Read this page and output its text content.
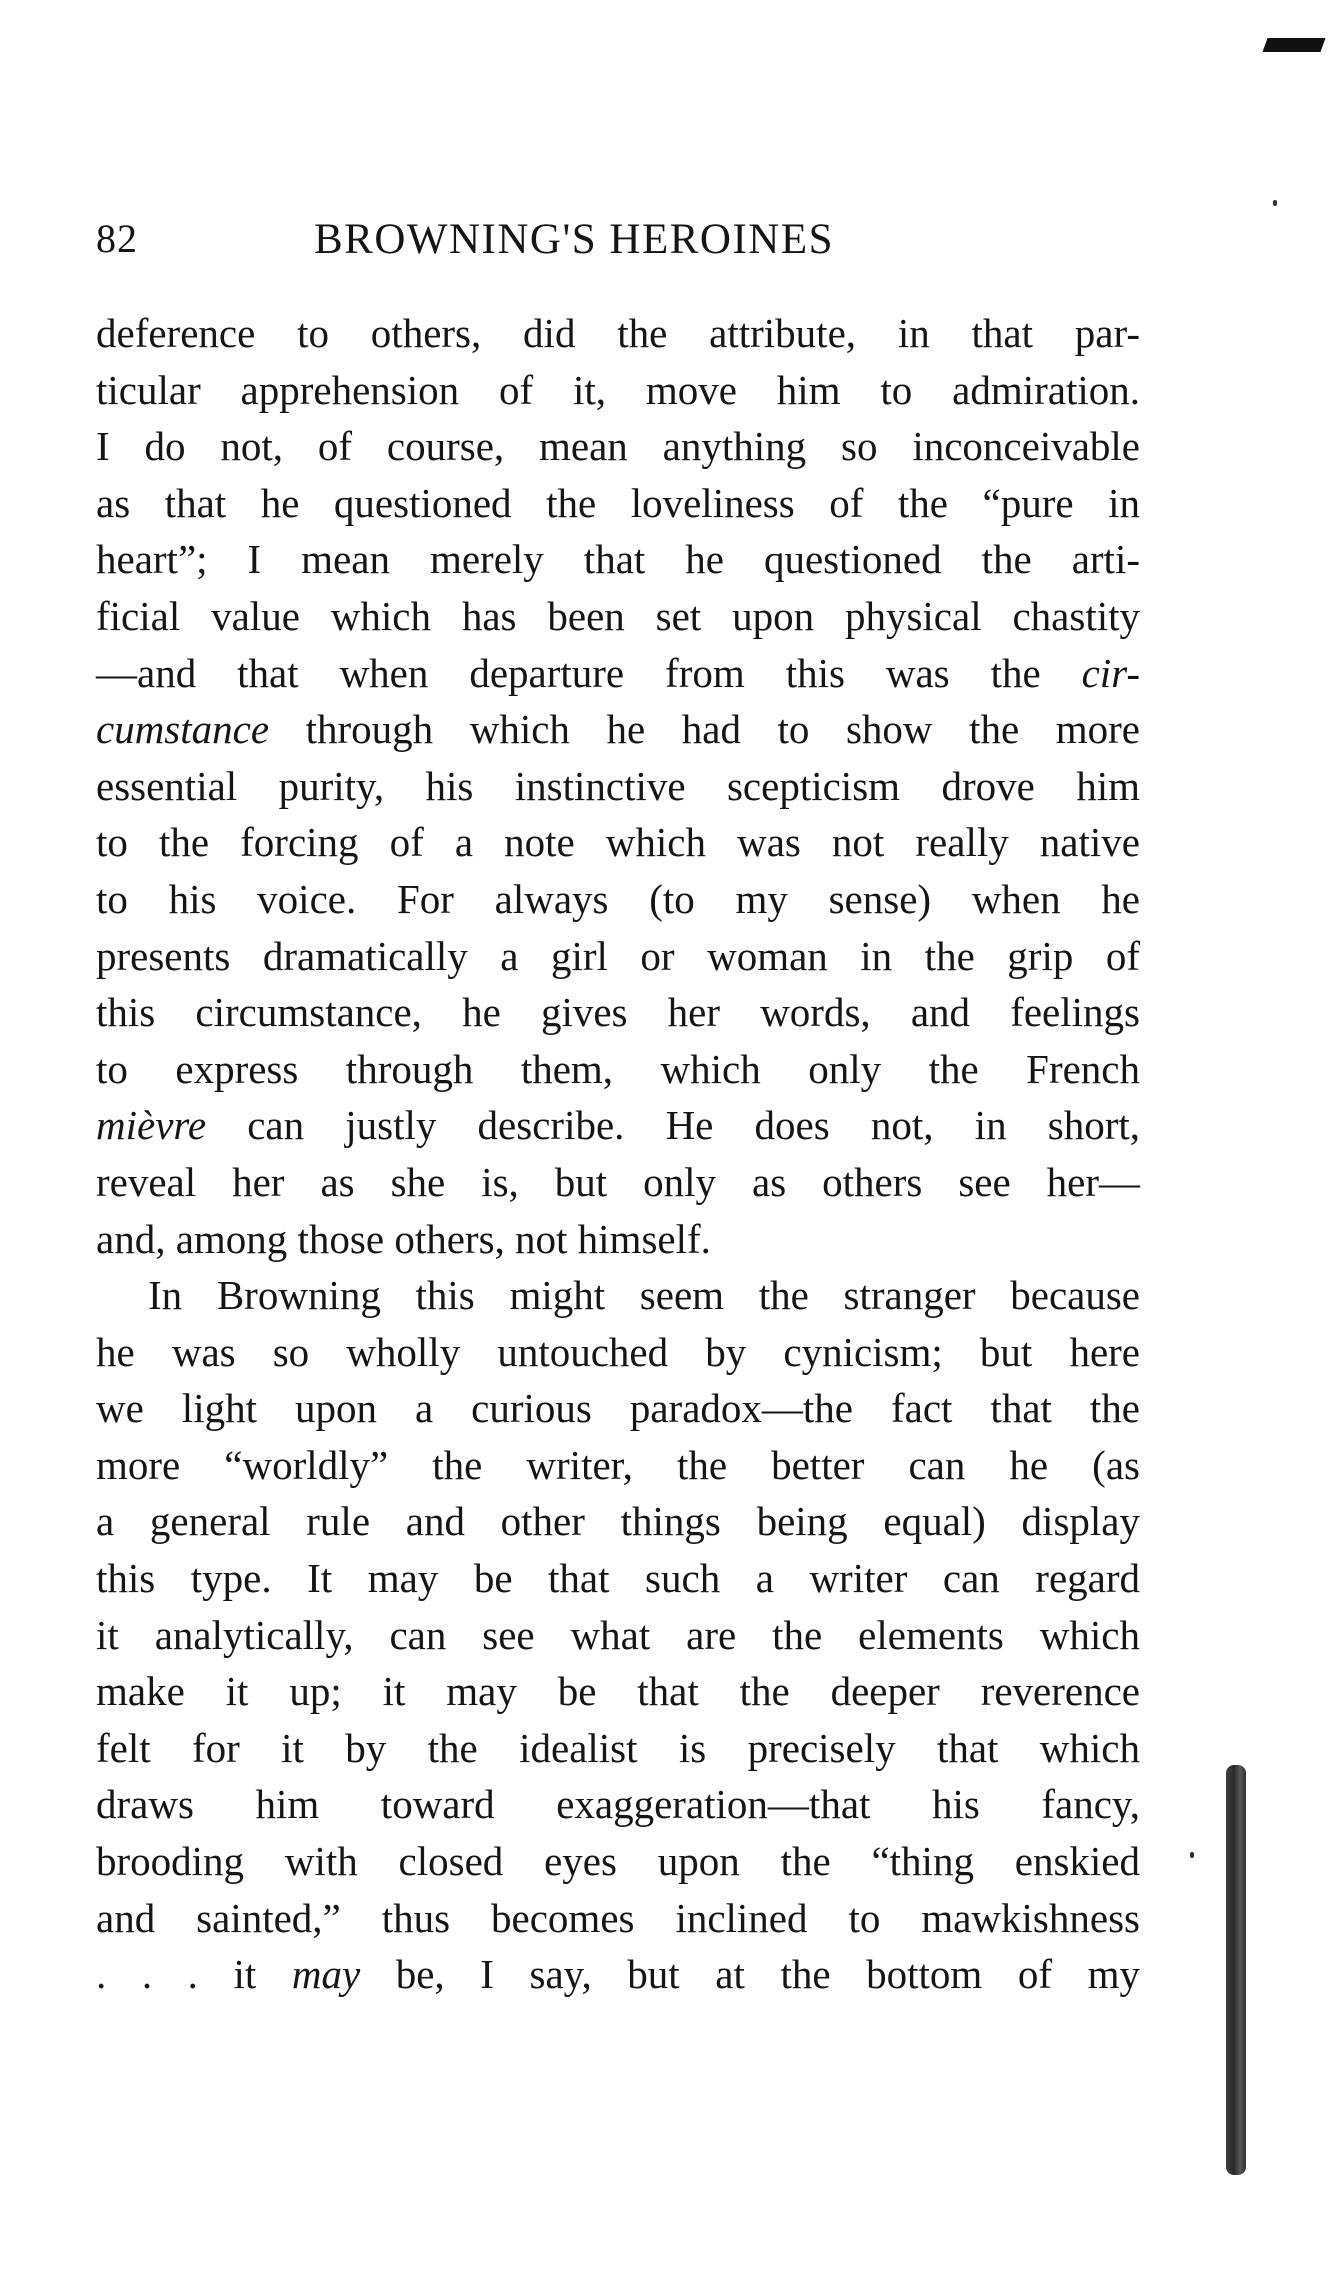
82	BROWNING'S HEROINES
deference to others, did the attribute, in that par-
ticular apprehension of it, move him to admiration.
I do not, of course, mean anything so inconceivable
as that he questioned the loveliness of the “pure in
heart”; I mean merely that he questioned the arti-
ficial value which has been set upon physical chastity
—and that when departure from this was the cir-
cumstance through which he had to show the more
essential purity, his instinctive scepticism drove him
to the forcing of a note which was not really native
to his voice. For always (to my sense) when he
presents dramatically a girl or woman in the grip of
this circumstance, he gives her words, and feelings
to express through them, which only the French
mièvre can justly describe. He does not, in short,
reveal her as she is, but only as others see her—
and, among those others, not himself.
In Browning this might seem the stranger because
he was so wholly untouched by cynicism; but here
we light upon a curious paradox—the fact that the
more “worldly” the writer, the better can he (as
a general rule and other things being equal) display
this type. It may be that such a writer can regard
it analytically, can see what are the elements which
make it up; it may be that the deeper reverence
felt for it by the idealist is precisely that which
draws him toward exaggeration—that his fancy,
brooding with closed eyes upon the “thing enskied
and sainted,” thus becomes inclined to mawkishness
. . . it may be, I say, but at the bottom of my
